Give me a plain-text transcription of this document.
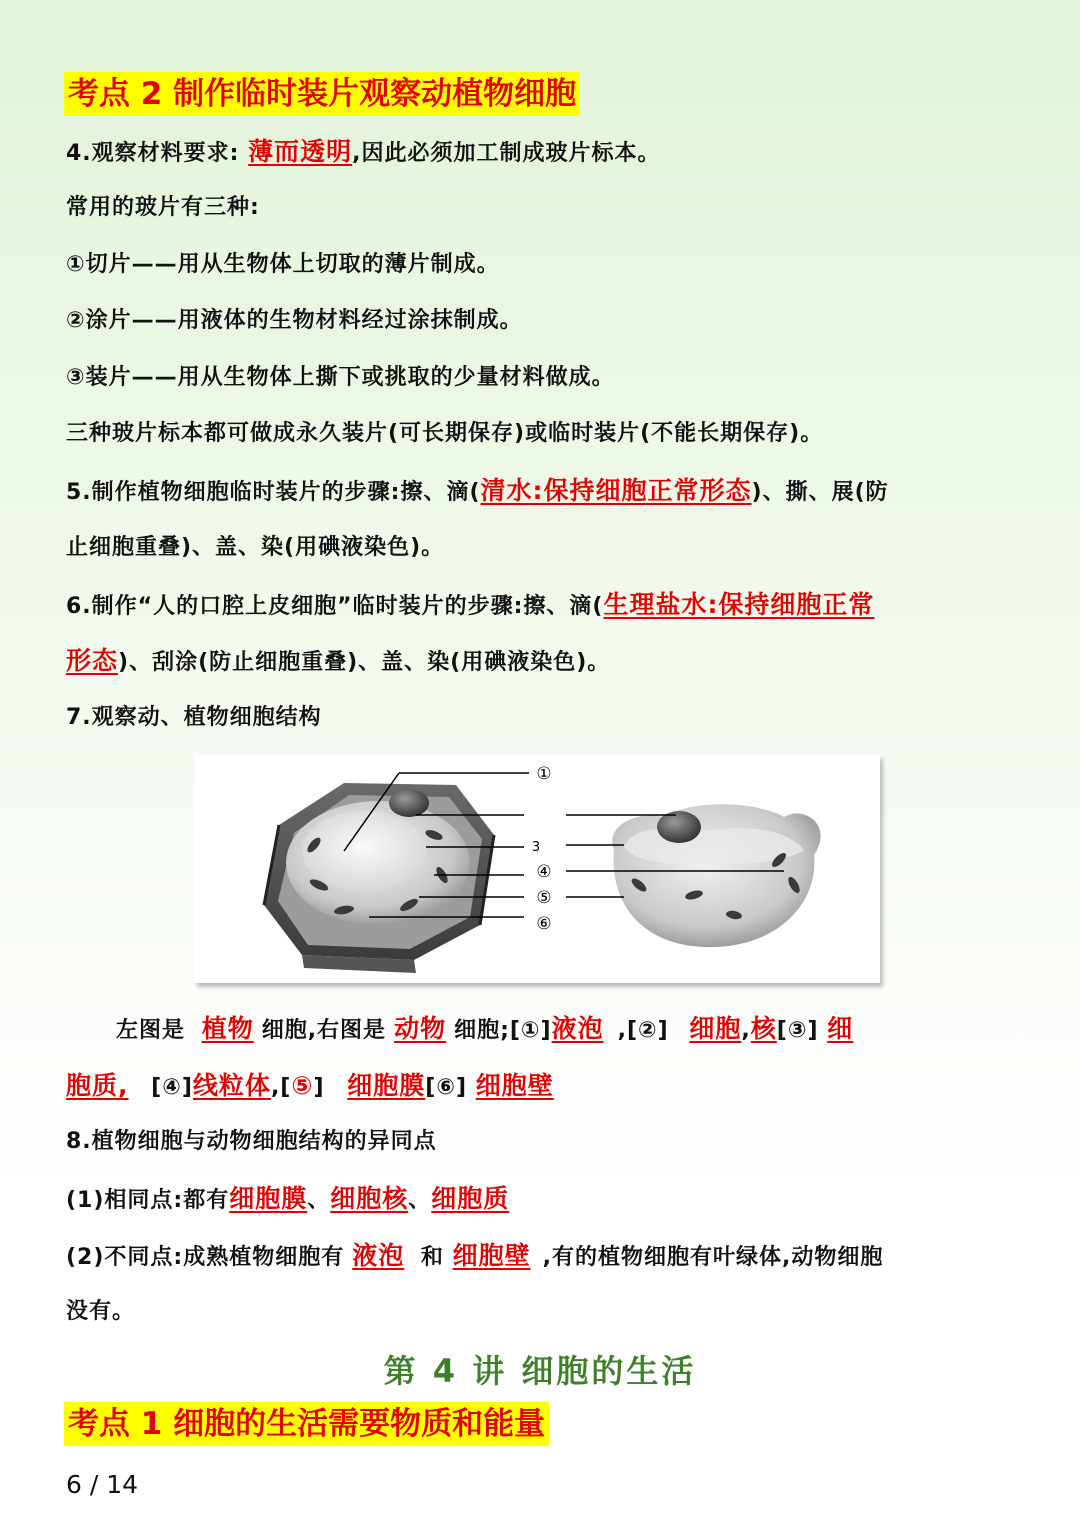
考点 2 制作临时装片观察动植物细胞
4.观察材料要求: 薄而透明,因此必须加工制成玻片标本。
常用的玻片有三种:
①切片——用从生物体上切取的薄片制成。
②涂片——用液体的生物材料经过涂抹制成。
③装片——用从生物体上撕下或挑取的少量材料做成。
三种玻片标本都可做成永久装片(可长期保存)或临时装片(不能长期保存)。
5.制作植物细胞临时装片的步骤:擦、滴(清水:保持细胞正常形态)、撕、展(防
止细胞重叠)、盖、染(用碘液染色)。
6.制作“人的口腔上皮细胞”临时装片的步骤:擦、滴(生理盐水:保持细胞正常
形态)、刮涂(防止细胞重叠)、盖、染(用碘液染色)。
7.观察动、植物细胞结构
①
3
④
⑤
⑥
左图是 植物 细胞,右图是 动物 细胞;[①]液泡 ,[②] 细胞,核[③] 细
胞质, [④]线粒体,[⑤] 细胞膜[⑥] 细胞壁
8.植物细胞与动物细胞结构的异同点
(1)相同点:都有细胞膜、细胞核、细胞质
(2)不同点:成熟植物细胞有 液泡 和 细胞壁 ,有的植物细胞有叶绿体,动物细胞
没有。
第 4 讲 细胞的生活
考点 1 细胞的生活需要物质和能量
6 / 14
